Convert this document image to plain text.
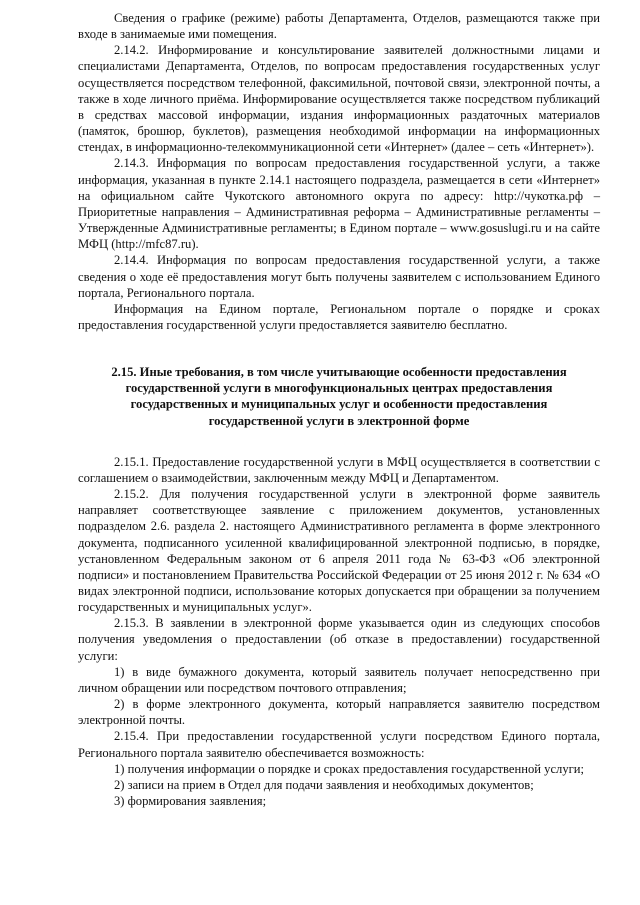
Сведения о графике (режиме) работы Департамента, Отделов, размещаются также при входе в занимаемые ими помещения.

2.14.2. Информирование и консультирование заявителей должностными лицами и специалистами Департамента, Отделов, по вопросам предоставления государственных услуг осуществляется посредством телефонной, факсимильной, почтовой связи, электронной почты, а также в ходе личного приёма. Информирование осуществляется также посредством публикаций в средствах массовой информации, издания информационных раздаточных материалов (памяток, брошюр, буклетов), размещения необходимой информации на информационных стендах, в информационно-телекоммуникационной сети «Интернет» (далее – сеть «Интернет»).

2.14.3. Информация по вопросам предоставления государственной услуги, а также информация, указанная в пункте 2.14.1 настоящего подраздела, размещается в сети «Интернет» на официальном сайте Чукотского автономного округа по адресу: http://чукотка.рф – Приоритетные направления – Административная реформа – Административные регламенты – Утвержденные Административные регламенты; в Едином портале – www.gosuslugi.ru и на сайте МФЦ (http://mfc87.ru).

2.14.4. Информация по вопросам предоставления государственной услуги, а также сведения о ходе её предоставления могут быть получены заявителем с использованием Единого портала, Регионального портала.

Информация на Едином портале, Региональном портале о порядке и сроках предоставления государственной услуги предоставляется заявителю бесплатно.

2.15. Иные требования, в том числе учитывающие особенности предоставления государственной услуги в многофункциональных центрах предоставления государственных и муниципальных услуг и особенности предоставления государственной услуги в электронной форме

2.15.1. Предоставление государственной услуги в МФЦ осуществляется в соответствии с соглашением о взаимодействии, заключенным между МФЦ и Департаментом.

2.15.2. Для получения государственной услуги в электронной форме заявитель направляет соответствующее заявление с приложением документов, установленных подразделом 2.6. раздела 2. настоящего Административного регламента в форме электронного документа, подписанного усиленной квалифицированной электронной подписью, в порядке, установленном Федеральным законом от 6 апреля 2011 года № 63-ФЗ «Об электронной подписи» и постановлением Правительства Российской Федерации от 25 июня 2012 г. № 634 «О видах электронной подписи, использование которых допускается при обращении за получением государственных и муниципальных услуг».

2.15.3. В заявлении в электронной форме указывается один из следующих способов получения уведомления о предоставлении (об отказе в предоставлении) государственной услуги:

1) в виде бумажного документа, который заявитель получает непосредственно при личном обращении или посредством почтового отправления;

2) в форме электронного документа, который направляется заявителю посредством электронной почты.

2.15.4. При предоставлении государственной услуги посредством Единого портала, Регионального портала заявителю обеспечивается возможность:

1) получения информации о порядке и сроках предоставления государственной услуги;

2) записи на прием в Отдел для подачи заявления и необходимых документов;

3) формирования заявления;
